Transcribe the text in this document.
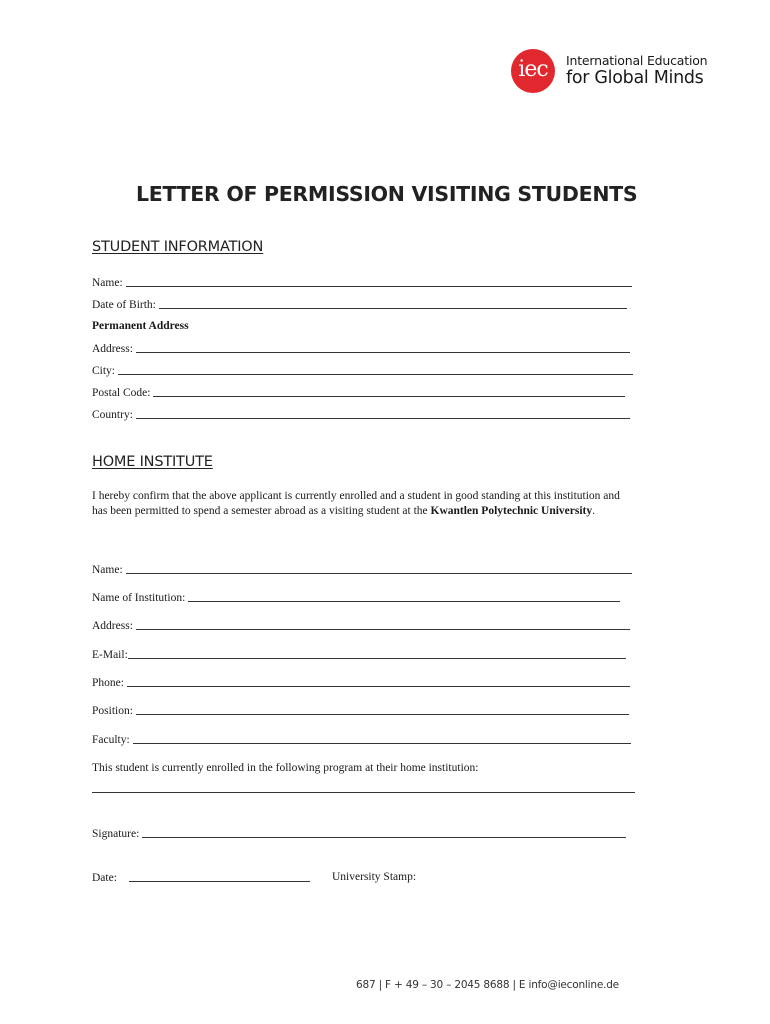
iec	International Education
for Global Minds
LETTER OF PERMISSION VISITING STUDENTS
STUDENT INFORMATION
Name:
Date of Birth:
Permanent Address
Address:
City:
Postal Code:
Country:
HOME INSTITUTE

I hereby confirm that the above applicant is currently enrolled and a student in good standing at this institution and has been permitted to spend a semester abroad as a visiting student at the Kwantlen Polytechnic University.

Name:
Name of Institution:
Address:
E-Mail:
Phone:
Position:
Faculty:
This student is currently enrolled in the following program at their home institution:
Signature:
Date:	University Stamp:
687 | F + 49 – 30 – 2045 8688 | E info@ieconline.de
